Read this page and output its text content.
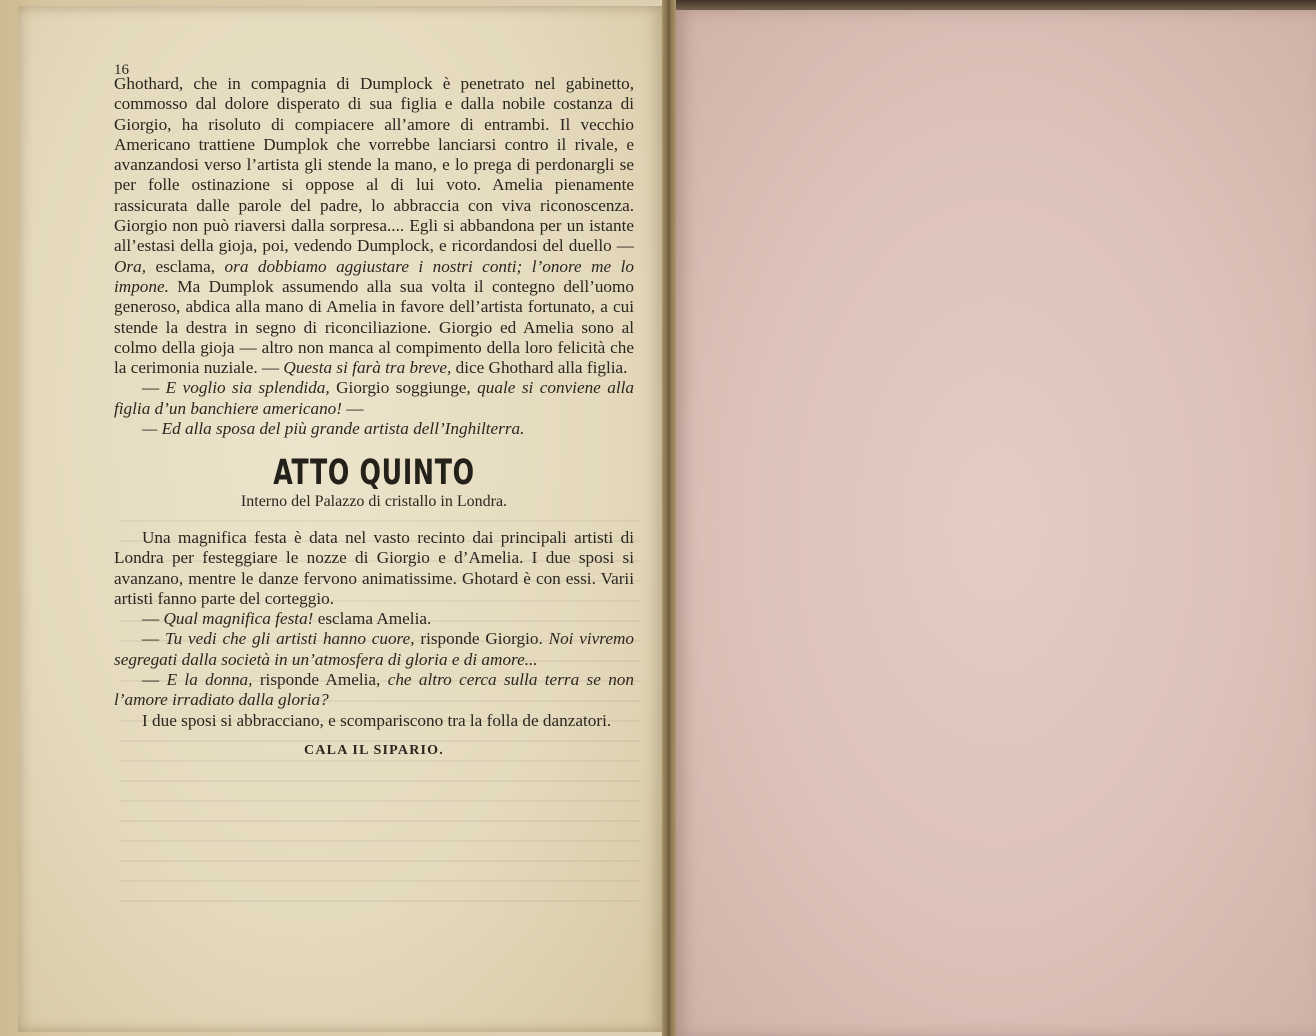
16

Ghothard, che in compagnia di Dumplock è penetrato nel gabinetto, commosso dal dolore disperato di sua figlia e dalla nobile costanza di Giorgio, ha risoluto di compiacere all’amore di entrambi. Il vecchio Americano trattiene Dumplok che vorrebbe lanciarsi contro il rivale, e avanzandosi verso l’artista gli stende la mano, e lo prega di perdonargli se per folle ostinazione si oppose al di lui voto. Amelia pienamente rassicurata dalle parole del padre, lo abbraccia con viva riconoscenza. Giorgio non può riaversi dalla sorpresa.... Egli si abbandona per un istante all’estasi della gioja, poi, vedendo Dumplock, e ricordandosi del duello — Ora, esclama, ora dobbiamo aggiustare i nostri conti; l’onore me lo impone. Ma Dumplok assumendo alla sua volta il contegno dell’uomo generoso, abdica alla mano di Amelia in favore dell’artista fortunato, a cui stende la destra in segno di riconciliazione. Giorgio ed Amelia sono al colmo della gioja — altro non manca al compimento della loro felicità che la cerimonia nuziale. — Questa si farà tra breve, dice Ghothard alla figlia.

— E voglio sia splendida, Giorgio soggiunge, quale si conviene alla figlia d’un banchiere americano! —

— Ed alla sposa del più grande artista dell’Inghilterra.

ATTO QUINTO
Interno del Palazzo di cristallo in Londra.

Una magnifica festa è data nel vasto recinto dai principali artisti di Londra per festeggiare le nozze di Giorgio e d’Amelia. I due sposi si avanzano, mentre le danze fervono animatissime. Ghotard è con essi. Varii artisti fanno parte del corteggio.

— Qual magnifica festa! esclama Amelia.

— Tu vedi che gli artisti hanno cuore, risponde Giorgio. Noi vivremo segregati dalla società in un’atmosfera di gloria e di amore...

— E la donna, risponde Amelia, che altro cerca sulla terra se non l’amore irradiato dalla gloria?

I due sposi si abbracciano, e scompariscono tra la folla de danzatori.

CALA IL SIPARIO.
